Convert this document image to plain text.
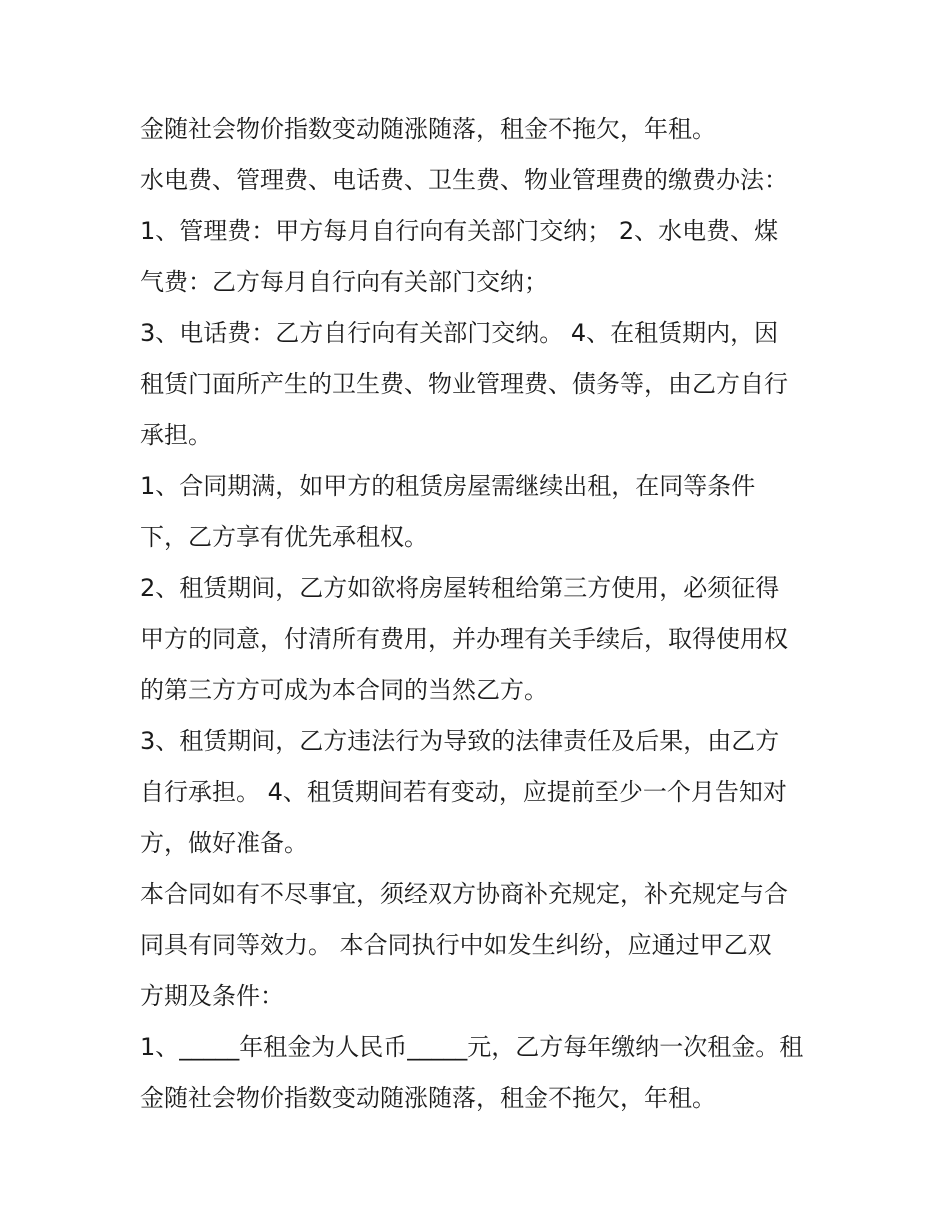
金随社会物价指数变动随涨随落，租金不拖欠，年租。
水电费、管理费、电话费、卫生费、物业管理费的缴费办法：
1、管理费：甲方每月自行向有关部门交纳； 2、水电费、煤
气费：乙方每月自行向有关部门交纳；
3、电话费：乙方自行向有关部门交纳。 4、在租赁期内，因
租赁门面所产生的卫生费、物业管理费、债务等，由乙方自行
承担。
1、合同期满，如甲方的租赁房屋需继续出租，在同等条件
下，乙方享有优先承租权。
2、租赁期间，乙方如欲将房屋转租给第三方使用，必须征得
甲方的同意，付清所有费用，并办理有关手续后，取得使用权
的第三方方可成为本合同的当然乙方。
3、租赁期间，乙方违法行为导致的法律责任及后果，由乙方
自行承担。 4、租赁期间若有变动，应提前至少一个月告知对
方，做好准备。
本合同如有不尽事宜，须经双方协商补充规定，补充规定与合
同具有同等效力。 本合同执行中如发生纠纷，应通过甲乙双
方期及条件：
1、_____年租金为人民币_____元，乙方每年缴纳一次租金。租
金随社会物价指数变动随涨随落，租金不拖欠，年租。
